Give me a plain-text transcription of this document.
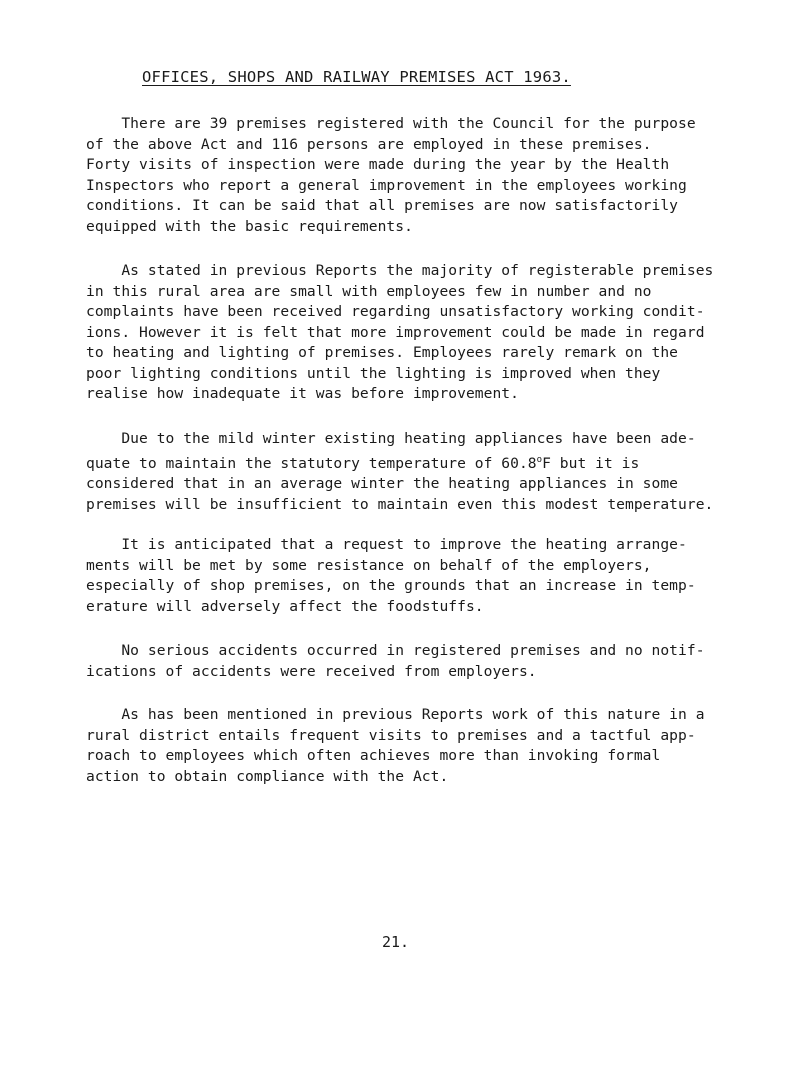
OFFICES, SHOPS AND RAILWAY PREMISES ACT 1963.
There are 39 premises registered with the Council for the purpose
of the above Act and 116 persons are employed in these premises.
Forty visits of inspection were made during the year by the Health
Inspectors who report a general improvement in the employees working
conditions. It can be said that all premises are now satisfactorily
equipped with the basic requirements.
As stated in previous Reports the majority of registerable premises
in this rural area are small with employees few in number and no
complaints have been received regarding unsatisfactory working condit-
ions. However it is felt that more improvement could be made in regard
to heating and lighting of premises. Employees rarely remark on the
poor lighting conditions until the lighting is improved when they
realise how inadequate it was before improvement.
Due to the mild winter existing heating appliances have been ade-
quate to maintain the statutory temperature of 60.8$^o$F but it is
considered that in an average winter the heating appliances in some
premises will be insufficient to maintain even this modest temperature.
It is anticipated that a request to improve the heating arrange-
ments will be met by some resistance on behalf of the employers,
especially of shop premises, on the grounds that an increase in temp-
erature will adversely affect the foodstuffs.
No serious accidents occurred in registered premises and no notif-
ications of accidents were received from employers.
As has been mentioned in previous Reports work of this nature in a
rural district entails frequent visits to premises and a tactful app-
roach to employees which often achieves more than invoking formal
action to obtain compliance with the Act.
21.
